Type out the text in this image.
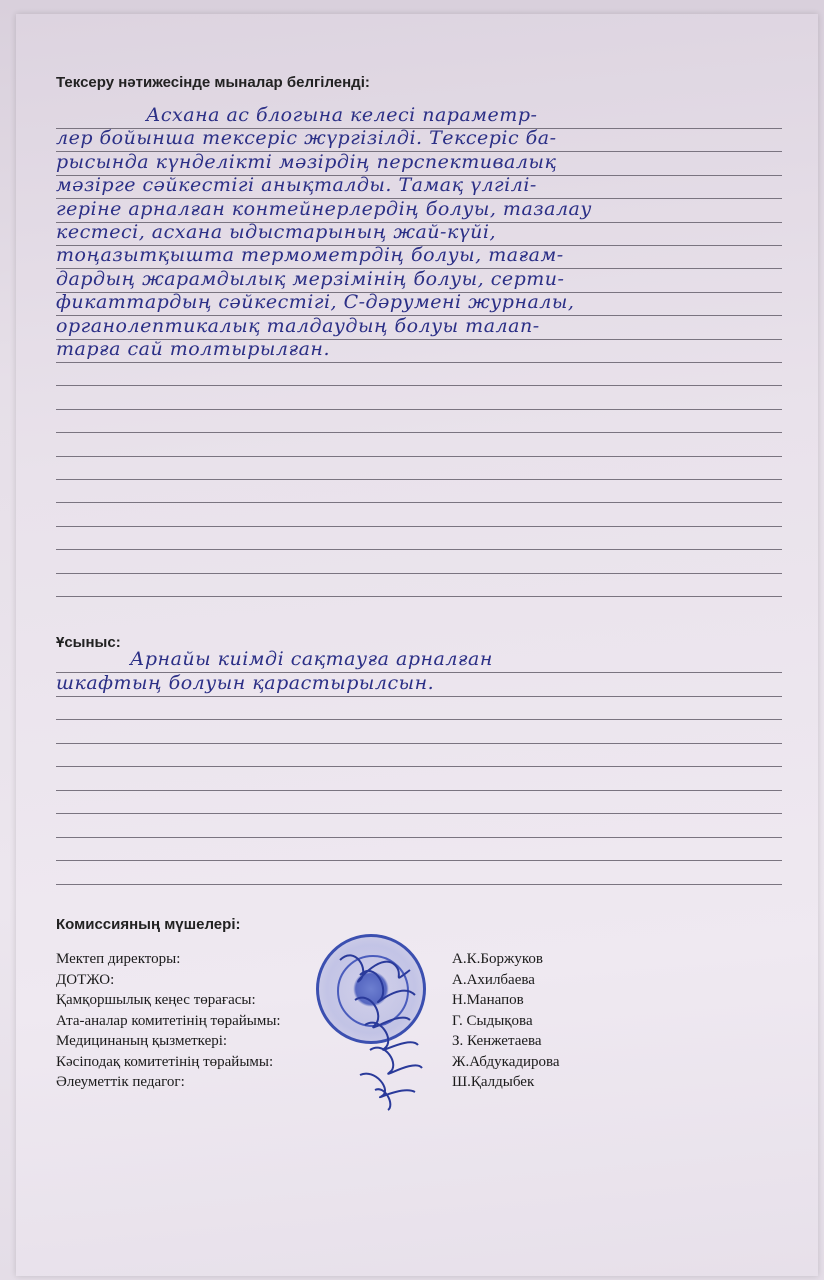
Тексеру нәтижесінде мыналар белгіленді:
Асхана ас блогына келесі параметр-
лер бойынша тексеріс жүргізілді. Тексеріс ба-
рысында күнделікті мәзірдің перспективалық
мәзірге сәйкестігі анықталды. Тамақ үлгілі-
геріне арналған контейнерлердің болуы, тазалау
кестесі, асхана ыдыстарының жай-күйі,
тоңазытқышта термометрдің болуы, тағам-
дардың жарамдылық мерзімінің болуы, серти-
фикаттардың сәйкестігі, С-дәрумені журналы,
органолептикалық талдаудың болуы талап-
тарға сай толтырылған.
Ұсыныс:
Арнайы киімді сақтауға арналған
шкафтың болуын қарастырылсын.
Комиссияның мүшелері:
Мектеп директоры:	А.К.Боржуков
ДОТЖО:	А.Ахилбаева
Қамқоршылық кеңес төрағасы:	Н.Манапов
Ата-аналар комитетінің төрайымы:	Г. Сыдықова
Медицинаның қызметкері:	З. Кенжетаева
Кәсіподақ комитетінің төрайымы:	Ж.Абдукадирова
Әлеуметтік педагог:	Ш.Қалдыбек
